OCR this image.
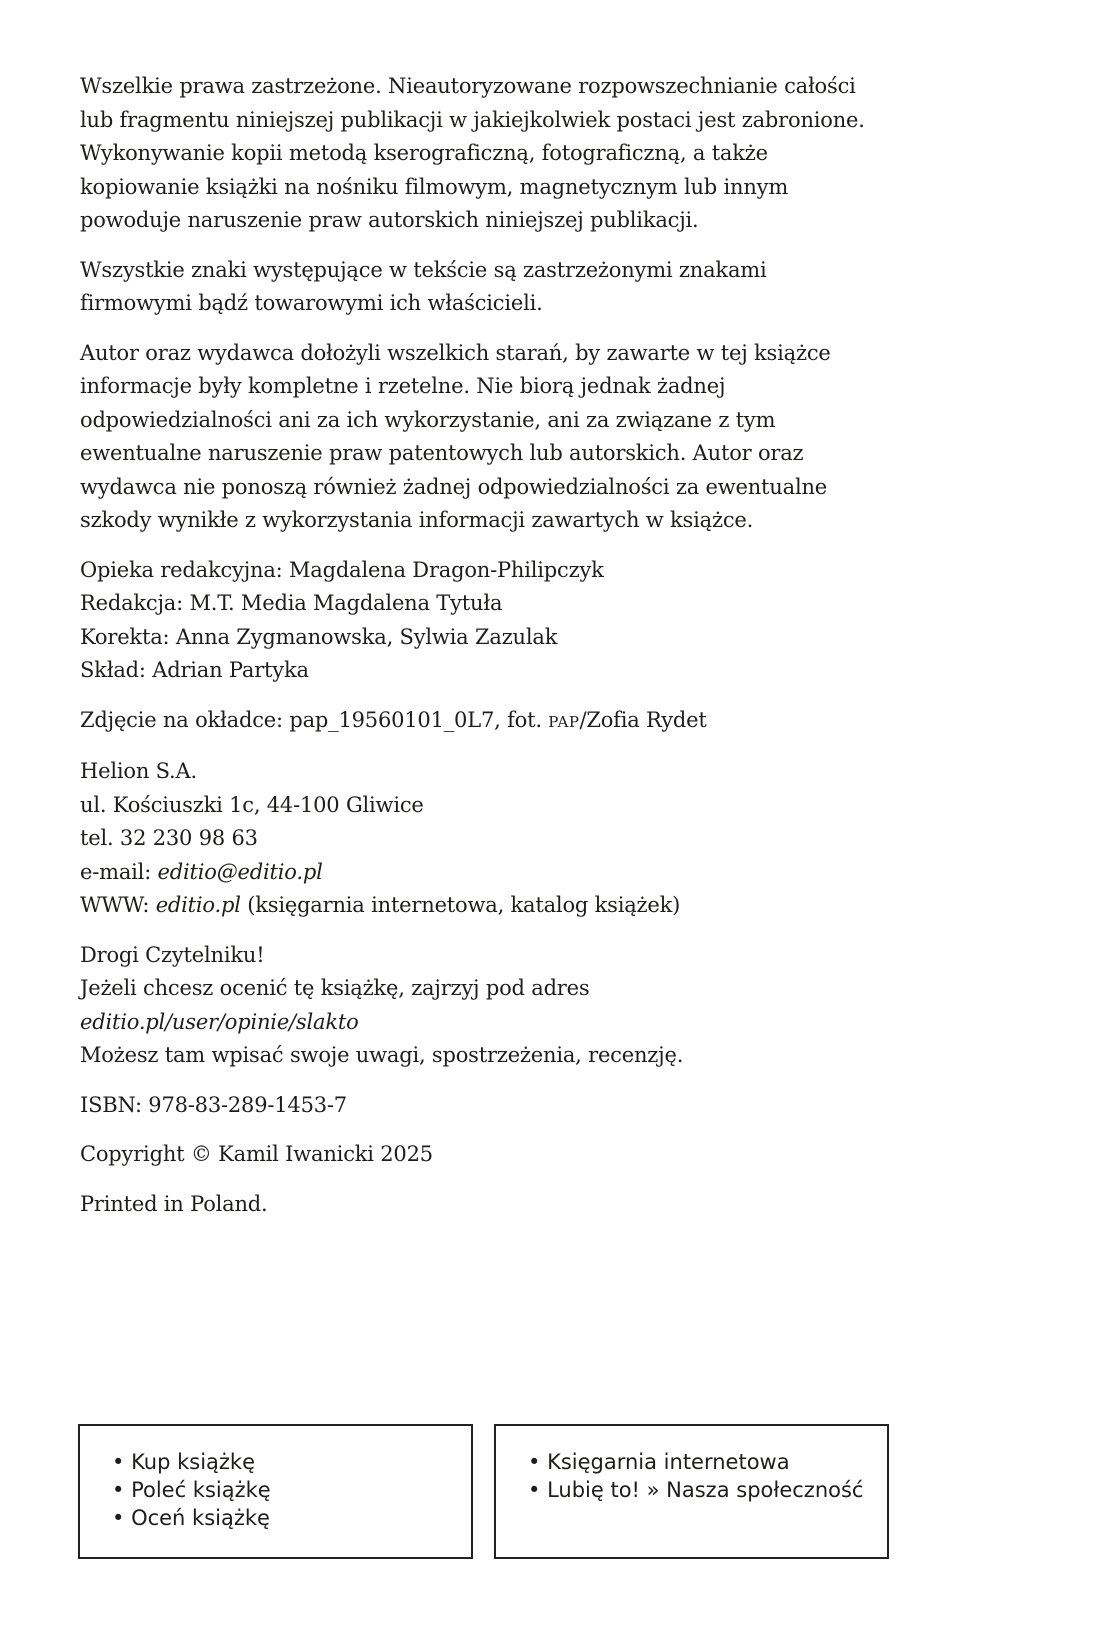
Wszelkie prawa zastrzeżone. Nieautoryzowane rozpowszechnianie całości
lub fragmentu niniejszej publikacji w jakiejkolwiek postaci jest zabronione.
Wykonywanie kopii metodą kserograficzną, fotograficzną, a także
kopiowanie książki na nośniku filmowym, magnetycznym lub innym
powoduje naruszenie praw autorskich niniejszej publikacji.

Wszystkie znaki występujące w tekście są zastrzeżonymi znakami
firmowymi bądź towarowymi ich właścicieli.

Autor oraz wydawca dołożyli wszelkich starań, by zawarte w tej książce
informacje były kompletne i rzetelne. Nie biorą jednak żadnej
odpowiedzialności ani za ich wykorzystanie, ani za związane z tym
ewentualne naruszenie praw patentowych lub autorskich. Autor oraz
wydawca nie ponoszą również żadnej odpowiedzialności za ewentualne
szkody wynikłe z wykorzystania informacji zawartych w książce.

Opieka redakcyjna: Magdalena Dragon-Philipczyk
Redakcja: M.T. Media Magdalena Tytuła
Korekta: Anna Zygmanowska, Sylwia Zazulak
Skład: Adrian Partyka

Zdjęcie na okładce: pap_19560101_0L7, fot. PAP/Zofia Rydet

Helion S.A.
ul. Kościuszki 1c, 44-100 Gliwice
tel. 32 230 98 63
e-mail: editio@editio.pl
WWW: editio.pl (księgarnia internetowa, katalog książek)

Drogi Czytelniku!
Jeżeli chcesz ocenić tę książkę, zajrzyj pod adres
editio.pl/user/opinie/slakto
Możesz tam wpisać swoje uwagi, spostrzeżenia, recenzję.

ISBN: 978-83-289-1453-7

Copyright © Kamil Iwanicki 2025

Printed in Poland.

• Kup książkę
• Poleć książkę
• Oceń książkę
• Księgarnia internetowa
• Lubię to! » Nasza społeczność
